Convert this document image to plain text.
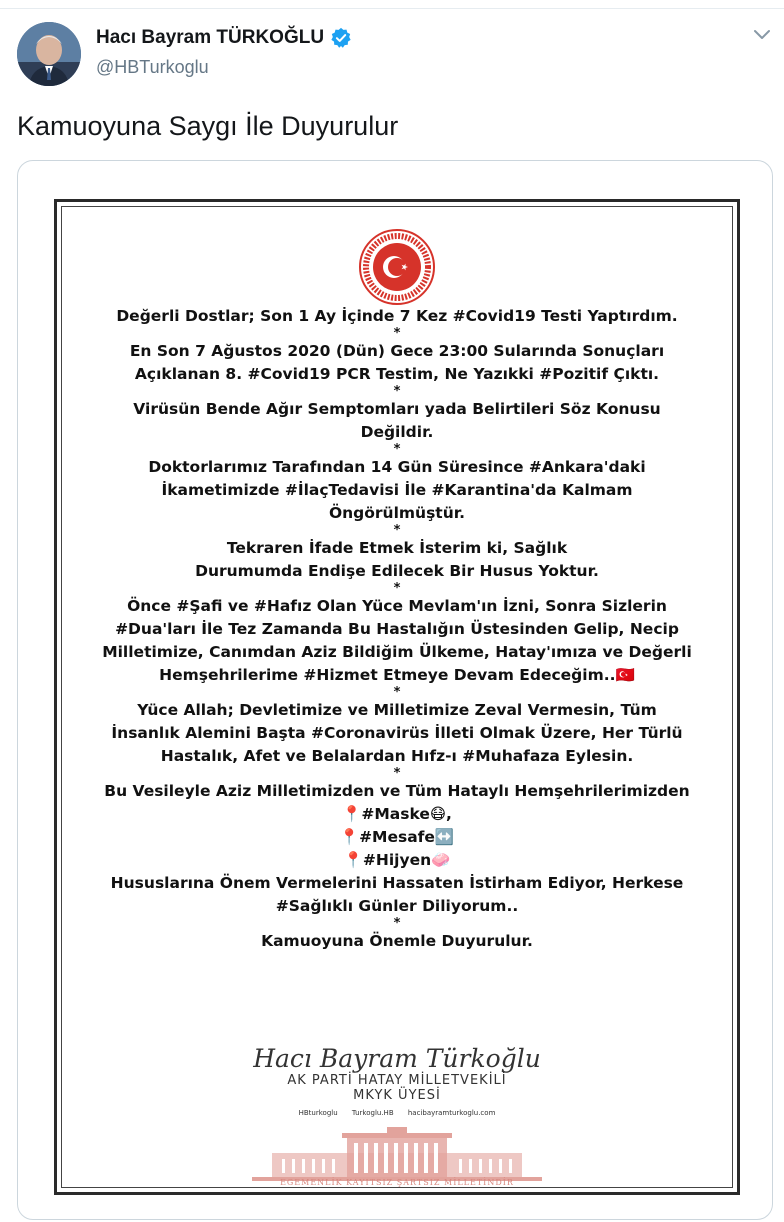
Hacı Bayram TÜRKOĞLU
@HBTurkoglu
Kamuoyuna Saygı İle Duyurulur
Değerli Dostlar; Son 1 Ay İçinde 7 Kez #Covid19 Testi Yaptırdım.
*
En Son 7 Ağustos 2020 (Dün) Gece 23:00 Sularında Sonuçları
Açıklanan 8. #Covid19 PCR Testim, Ne Yazıkki #Pozitif Çıktı.
*
Virüsün Bende Ağır Semptomları yada Belirtileri Söz Konusu
Değildir.
*
Doktorlarımız Tarafından 14 Gün Süresince #Ankara'daki
İkametimizde #İlaçTedavisi İle #Karantina'da Kalmam
Öngörülmüştür.
*
Tekraren İfade Etmek İsterim ki, Sağlık
Durumumda Endişe Edilecek Bir Husus Yoktur.
*
Önce #Şafi ve #Hafız Olan Yüce Mevlam'ın İzni, Sonra Sizlerin
#Dua'ları İle Tez Zamanda Bu Hastalığın Üstesinden Gelip, Necip
Milletimize, Canımdan Aziz Bildiğim Ülkeme, Hatay'ımıza ve Değerli
Hemşehrilerime #Hizmet Etmeye Devam Edeceğim..🇹🇷
*
Yüce Allah; Devletimize ve Milletimize Zeval Vermesin, Tüm
İnsanlık Alemini Başta #Coronavirüs İlleti Olmak Üzere, Her Türlü
Hastalık, Afet ve Belalardan Hıfz-ı #Muhafaza Eylesin.
*
Bu Vesileyle Aziz Milletimizden ve Tüm Hataylı Hemşehrilerimizden
📍#Maske😷,
📍#Mesafe↔️
📍#Hijyen🧼
Hususlarına Önem Vermelerini Hassaten İstirham Ediyor, Herkese
#Sağlıklı Günler Diliyorum..
*
Kamuoyuna Önemle Duyurulur.
Hacı Bayram Türkoğlu
AK PARTİ HATAY MİLLETVEKİLİ
MKYK ÜYESİ
HBturkoglu Turkoglu.HB hacibayramturkoglu.com
EGEMENLİK KAYITSIZ ŞARTSIZ MİLLETİNDİR
